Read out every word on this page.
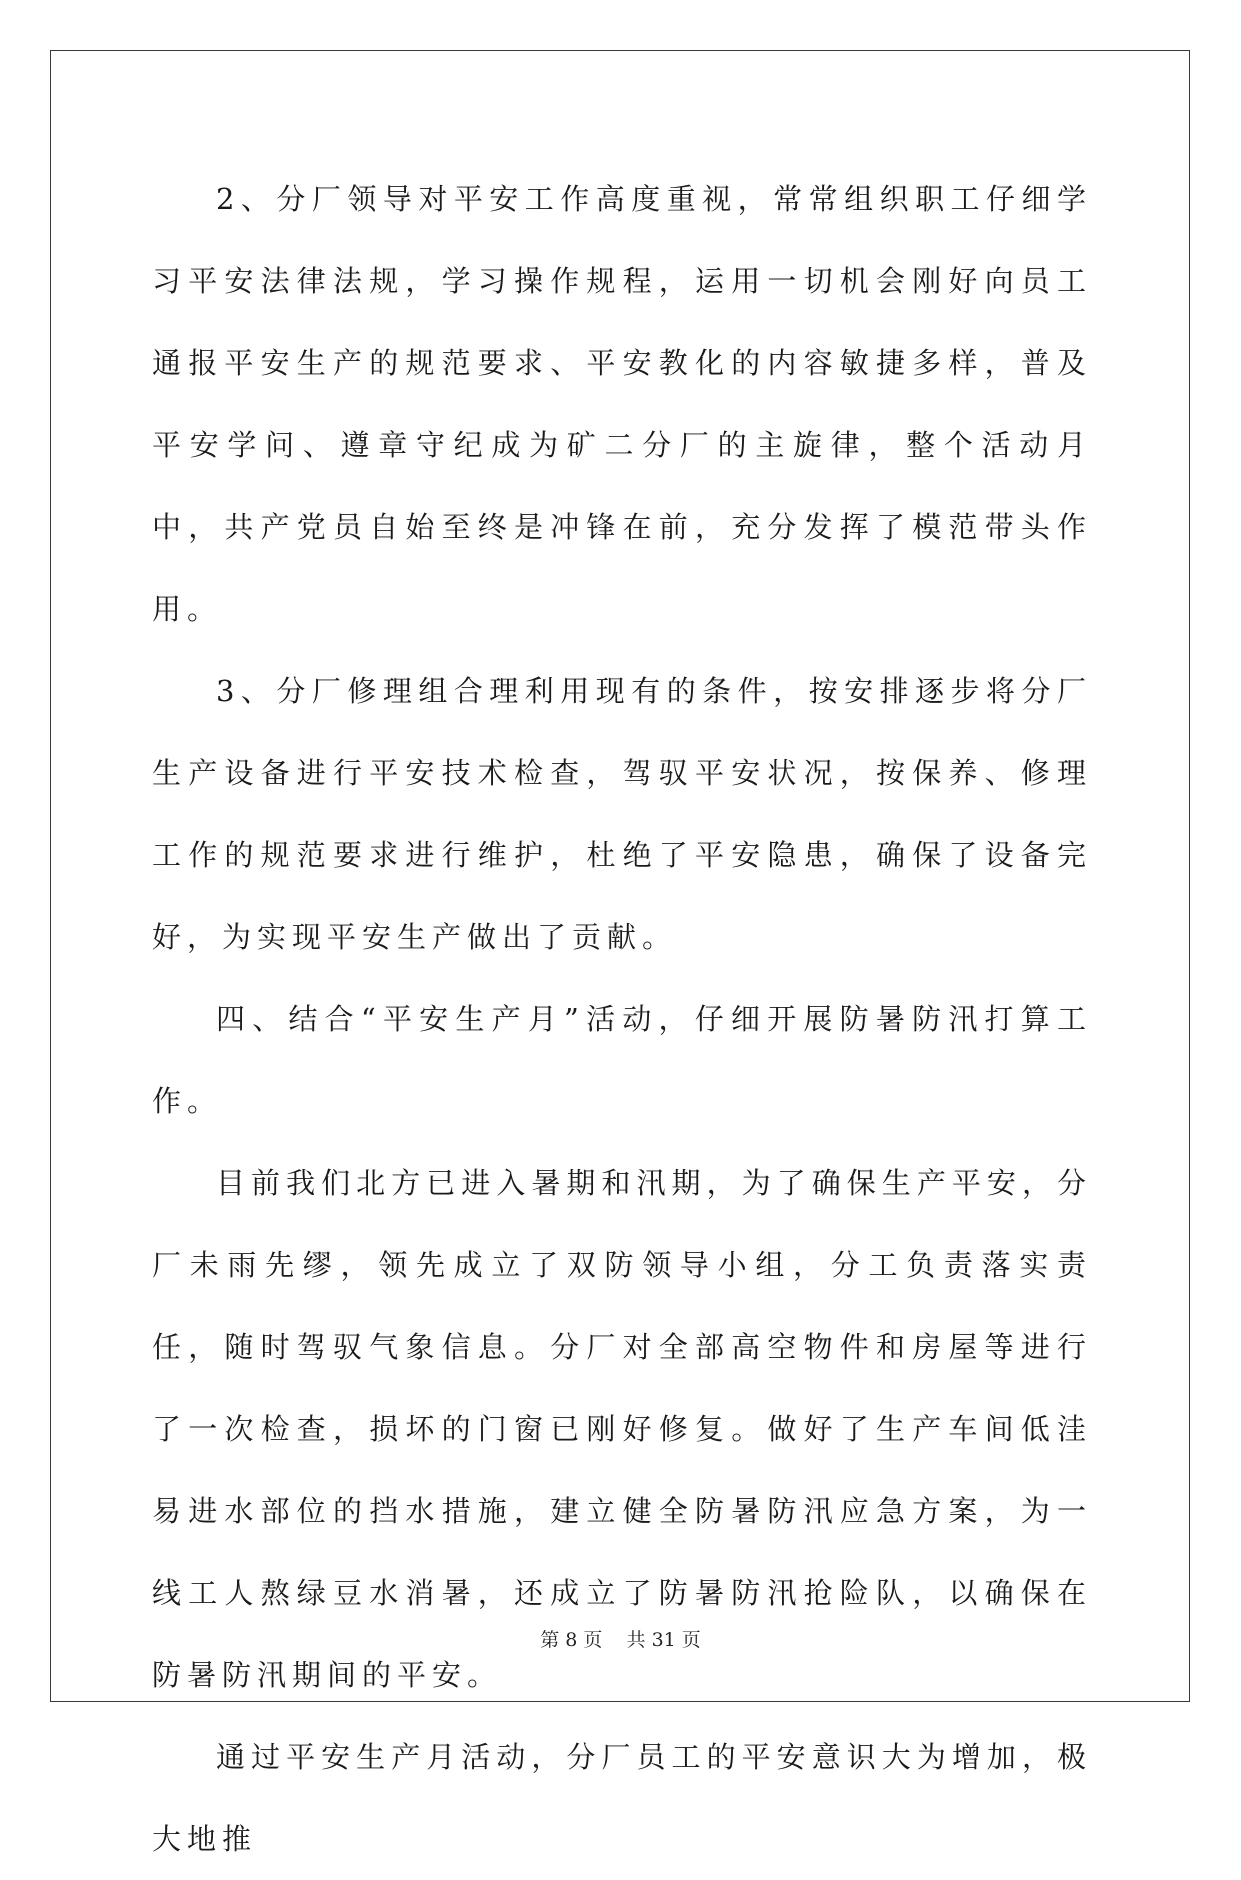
2、分厂领导对平安工作高度重视，常常组织职工仔细学习平安法律法规，学习操作规程，运用一切机会刚好向员工通报平安生产的规范要求、平安教化的内容敏捷多样，普及平安学问、遵章守纪成为矿二分厂的主旋律，整个活动月中，共产党员自始至终是冲锋在前，充分发挥了模范带头作用。

3、分厂修理组合理利用现有的条件，按安排逐步将分厂生产设备进行平安技术检查，驾驭平安状况，按保养、修理工作的规范要求进行维护，杜绝了平安隐患，确保了设备完好，为实现平安生产做出了贡献。

四、结合“平安生产月”活动，仔细开展防暑防汛打算工作。

目前我们北方已进入暑期和汛期，为了确保生产平安，分厂未雨先缪，领先成立了双防领导小组，分工负责落实责任，随时驾驭气象信息。分厂对全部高空物件和房屋等进行了一次检查，损坏的门窗已刚好修复。做好了生产车间低洼易进水部位的挡水措施，建立健全防暑防汛应急方案，为一线工人熬绿豆水消暑，还成立了防暑防汛抢险队，以确保在防暑防汛期间的平安。

通过平安生产月活动，分厂员工的平安意识大为增加，极大地推

第 8 页 共 31 页
